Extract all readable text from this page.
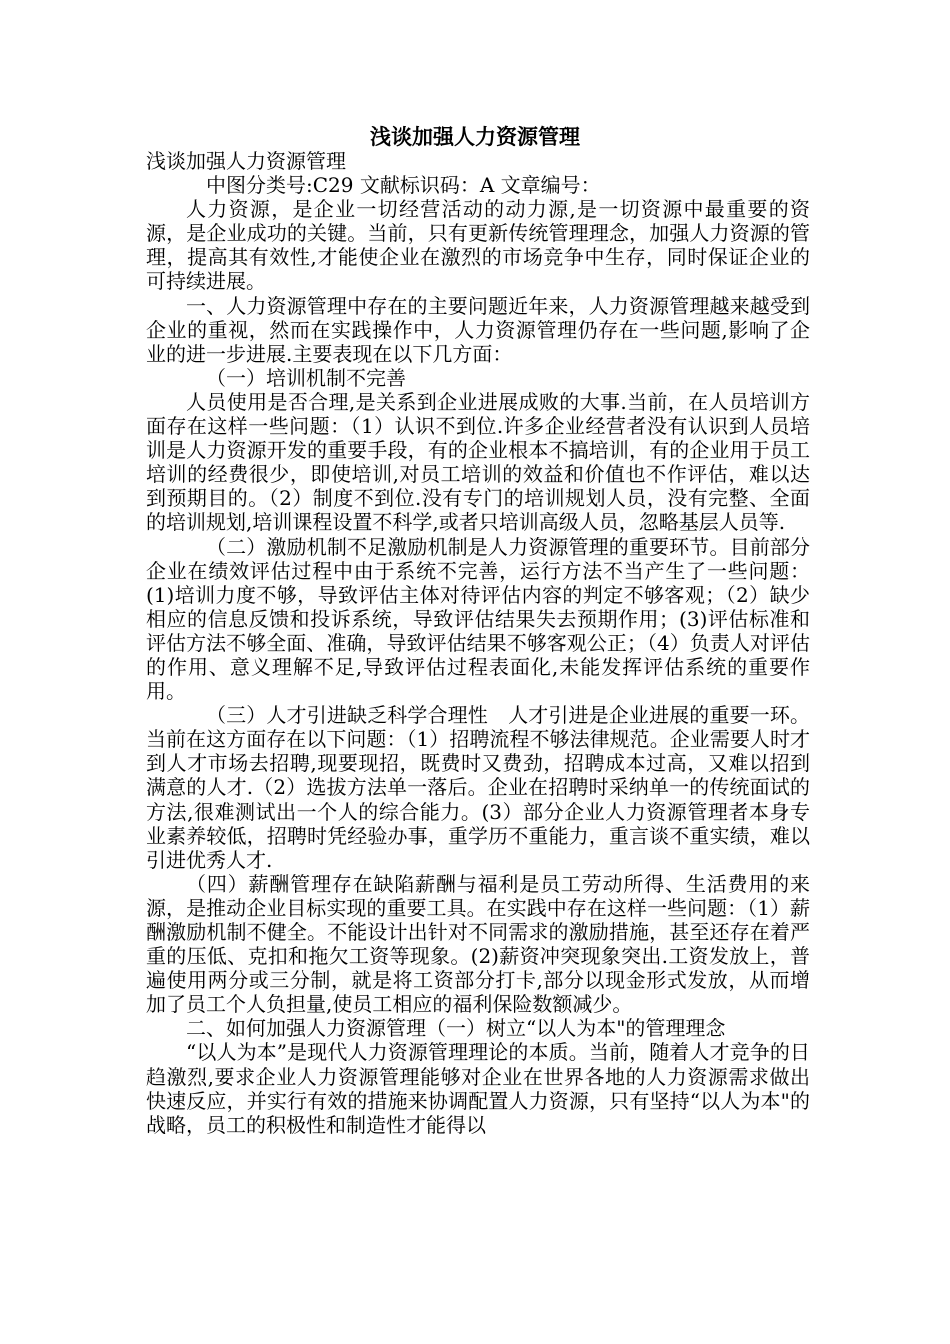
浅谈加强人力资源管理

浅谈加强人力资源管理

中图分类号:C29 文献标识码：A 文章编号：

人力资源，是企业一切经营活动的动力源,是一切资源中最重要的资源，是企业成功的关键。当前，只有更新传统管理理念，加强人力资源的管理，提高其有效性,才能使企业在激烈的市场竞争中生存，同时保证企业的可持续进展。

一、人力资源管理中存在的主要问题近年来，人力资源管理越来越受到企业的重视，然而在实践操作中，人力资源管理仍存在一些问题,影响了企业的进一步进展.主要表现在以下几方面：

（一）培训机制不完善

人员使用是否合理,是关系到企业进展成败的大事.当前，在人员培训方面存在这样一些问题：（1）认识不到位.许多企业经营者没有认识到人员培训是人力资源开发的重要手段，有的企业根本不搞培训，有的企业用于员工培训的经费很少，即使培训,对员工培训的效益和价值也不作评估，难以达到预期目的。（2）制度不到位.没有专门的培训规划人员，没有完整、全面的培训规划,培训课程设置不科学,或者只培训高级人员，忽略基层人员等.

（二）激励机制不足激励机制是人力资源管理的重要环节。目前部分企业在绩效评估过程中由于系统不完善，运行方法不当产生了一些问题：(1)培训力度不够，导致评估主体对待评估内容的判定不够客观；（2）缺少相应的信息反馈和投诉系统，导致评估结果失去预期作用；(3)评估标准和评估方法不够全面、准确，导致评估结果不够客观公正；（4）负责人对评估的作用、意义理解不足,导致评估过程表面化,未能发挥评估系统的重要作用。

（三）人才引进缺乏科学合理性　人才引进是企业进展的重要一环。当前在这方面存在以下问题：（1）招聘流程不够法律规范。企业需要人时才到人才市场去招聘,现要现招，既费时又费劲，招聘成本过高，又难以招到满意的人才.（2）选拔方法单一落后。企业在招聘时采纳单一的传统面试的方法,很难测试出一个人的综合能力。(3）部分企业人力资源管理者本身专业素养较低，招聘时凭经验办事，重学历不重能力，重言谈不重实绩，难以引进优秀人才.

（四）薪酬管理存在缺陷薪酬与福利是员工劳动所得、生活费用的来源，是推动企业目标实现的重要工具。在实践中存在这样一些问题：（1）薪酬激励机制不健全。不能设计出针对不同需求的激励措施，甚至还存在着严重的压低、克扣和拖欠工资等现象。(2)薪资冲突现象突出.工资发放上，普遍使用两分或三分制，就是将工资部分打卡,部分以现金形式发放，从而增加了员工个人负担量,使员工相应的福利保险数额减少。

二、如何加强人力资源管理（一）树立“以人为本"的管理理念

“以人为本”是现代人力资源管理理论的本质。当前，随着人才竞争的日趋激烈,要求企业人力资源管理能够对企业在世界各地的人力资源需求做出快速反应，并实行有效的措施来协调配置人力资源，只有坚持“以人为本"的战略，员工的积极性和制造性才能得以
